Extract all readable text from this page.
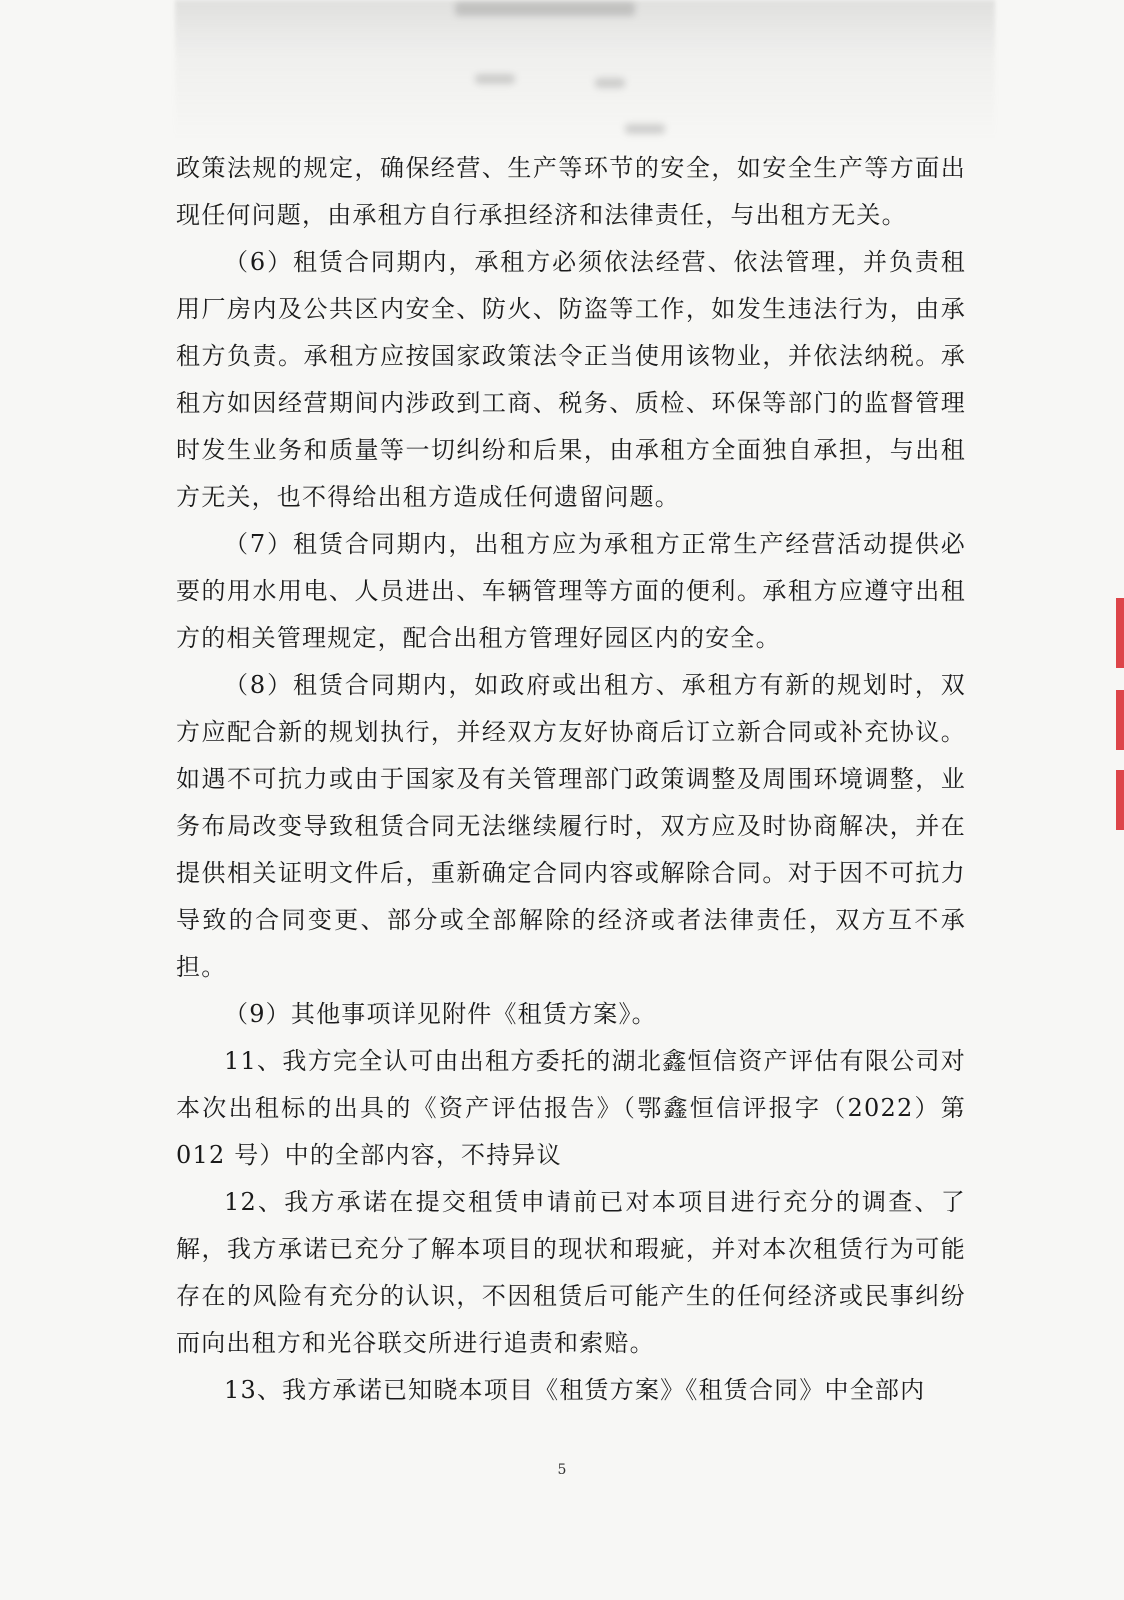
政策法规的规定，确保经营、生产等环节的安全，如安全生产等方面出现任何问题，由承租方自行承担经济和法律责任，与出租方无关。

（6）租赁合同期内，承租方必须依法经营、依法管理，并负责租用厂房内及公共区内安全、防火、防盗等工作，如发生违法行为，由承租方负责。承租方应按国家政策法令正当使用该物业，并依法纳税。承租方如因经营期间内涉政到工商、税务、质检、环保等部门的监督管理时发生业务和质量等一切纠纷和后果，由承租方全面独自承担，与出租方无关，也不得给出租方造成任何遗留问题。

（7）租赁合同期内，出租方应为承租方正常生产经营活动提供必要的用水用电、人员进出、车辆管理等方面的便利。承租方应遵守出租方的相关管理规定，配合出租方管理好园区内的安全。

（8）租赁合同期内，如政府或出租方、承租方有新的规划时，双方应配合新的规划执行，并经双方友好协商后订立新合同或补充协议。如遇不可抗力或由于国家及有关管理部门政策调整及周围环境调整，业务布局改变导致租赁合同无法继续履行时，双方应及时协商解决，并在提供相关证明文件后，重新确定合同内容或解除合同。对于因不可抗力导致的合同变更、部分或全部解除的经济或者法律责任，双方互不承担。

（9）其他事项详见附件《租赁方案》。

11、我方完全认可由出租方委托的湖北鑫恒信资产评估有限公司对本次出租标的出具的《资产评估报告》（鄂鑫恒信评报字（2022）第 012 号）中的全部内容，不持异议

12、我方承诺在提交租赁申请前已对本项目进行充分的调查、了解，我方承诺已充分了解本项目的现状和瑕疵，并对本次租赁行为可能存在的风险有充分的认识，不因租赁后可能产生的任何经济或民事纠纷而向出租方和光谷联交所进行追责和索赔。

13、我方承诺已知晓本项目《租赁方案》《租赁合同》中全部内

5
